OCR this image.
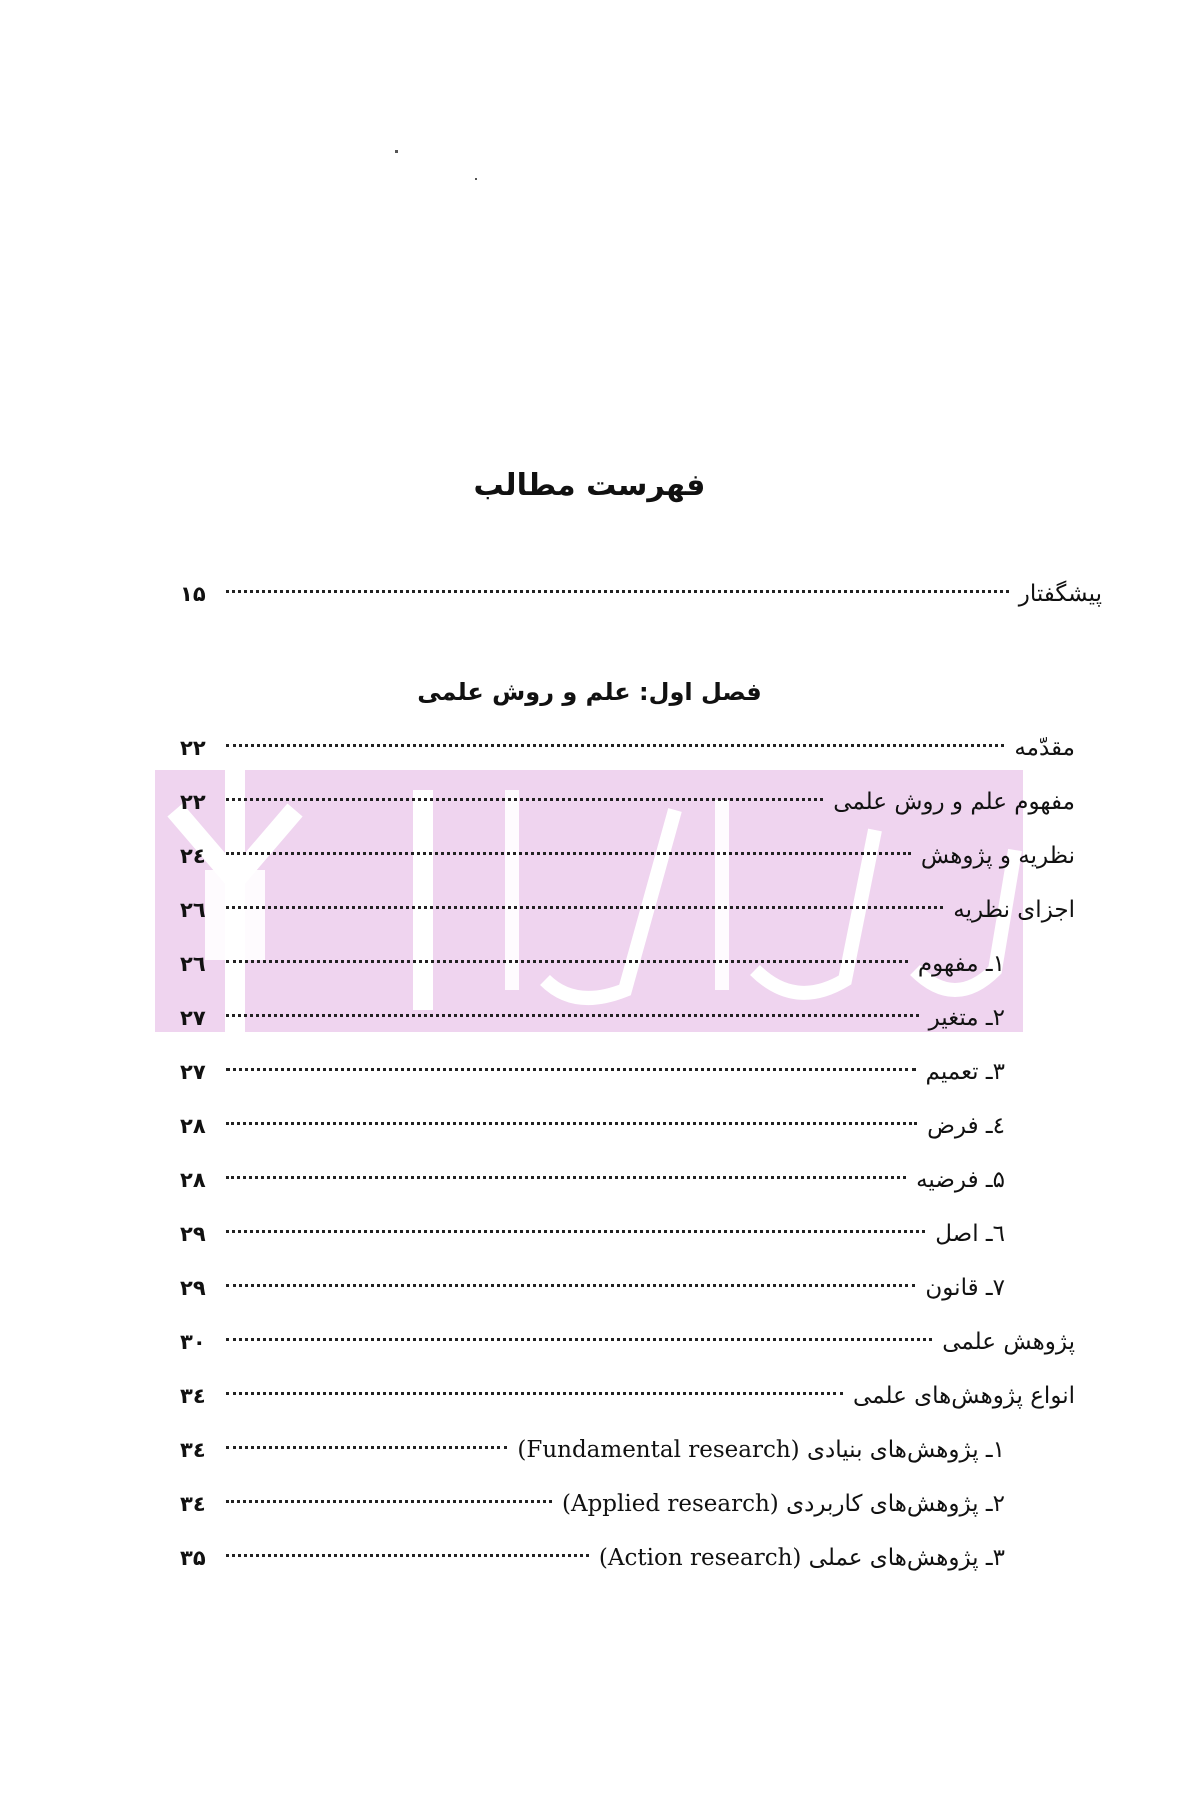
فهرست مطالب
پیشگفتار
۱۵
فصل اول: علم و روش علمی
مقدّمه
۲۲
مفهوم علم و روش علمی
۲۲
نظریه و پژوهش
۲٤
اجزای نظریه
۲٦
۱ـ مفهوم
۲٦
۲ـ متغیر
۲۷
۳ـ تعمیم
۲۷
٤ـ فرض
۲۸
۵ـ فرضیه
۲۸
٦ـ اصل
۲۹
۷ـ قانون
۲۹
پژوهش علمی
۳۰
انواع پژوهش‌های علمی
۳٤
۱ـ پژوهش‌های بنیادی (Fundamental research)
۳٤
۲ـ پژوهش‌های کاربردی (Applied research)
۳٤
۳ـ پژوهش‌های عملی (Action research)
۳۵
